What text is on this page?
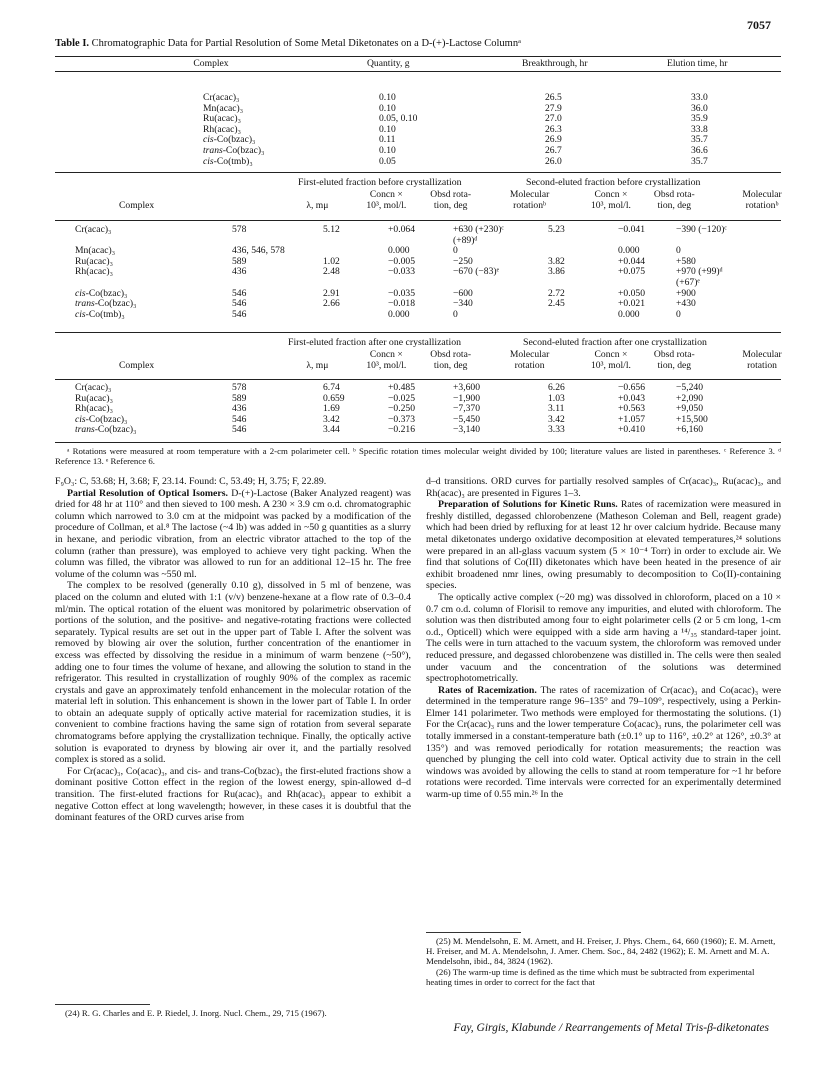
7057
Table I. Chromatographic Data for Partial Resolution of Some Metal Diketonates on a D-(+)-Lactose Columnᵃ
Complex	Quantity, g	Breakthrough, hr	Elution time, hr
Cr(acac)₃	0.10	26.5	33.0
Mn(acac)₃	0.10	27.9	36.0
Ru(acac)₃	0.05, 0.10	27.0	35.9
Rh(acac)₃	0.10	26.3	33.8
cis-Co(bzac)₃	0.11	26.9	35.7
trans-Co(bzac)₃	0.10	26.7	36.6
cis-Co(tmb)₃	0.05	26.0	35.7
First-eluted fraction before crystallization	Second-eluted fraction before crystallization
		Concn ×	Obsd rota-	Molecular	Concn ×	Obsd rota-	Molecular
Complex	λ, mμ	10³, mol/l.	tion, deg	rotationᵇ	10³, mol/l.	tion, deg	rotationᵇ
Cr(acac)₃	578	5.12	+0.064	+630 (+230)ᶜ	5.23	−0.041	−390 (−120)ᶜ
				(+89)ᵈ			
Mn(acac)₃	436, 546, 578		0.000	0		0.000	0
Ru(acac)₃	589	1.02	−0.005	−250	3.82	+0.044	+580
Rh(acac)₃	436	2.48	−0.033	−670 (−83)ᵉ	3.86	+0.075	+970 (+99)ᵈ
							(+67)ᵉ
cis-Co(bzac)₃	546	2.91	−0.035	−600	2.72	+0.050	+900
trans-Co(bzac)₃	546	2.66	−0.018	−340	2.45	+0.021	+430
cis-Co(tmb)₃	546		0.000	0		0.000	0
First-eluted fraction after one crystallization	Second-eluted fraction after one crystallization
		Concn ×	Obsd rota-	Molecular	Concn ×	Obsd rota-	Molecular
Complex	λ, mμ	10³, mol/l.	tion, deg	rotation	10³, mol/l.	tion, deg	rotation
Cr(acac)₃	578	6.74	+0.485	+3,600	6.26	−0.656	−5,240
Ru(acac)₃	589	0.659	−0.025	−1,900	1.03	+0.043	+2,090
Rh(acac)₃	436	1.69	−0.250	−7,370	3.11	+0.563	+9,050
cis-Co(bzac)₃	546	3.42	−0.373	−5,450	3.42	+1.057	+15,500
trans-Co(bzac)₃	546	3.44	−0.216	−3,140	3.33	+0.410	+6,160
ᵃ Rotations were measured at room temperature with a 2-cm polarimeter cell. ᵇ Specific rotation times molecular weight divided by 100; literature values are listed in parentheses. ᶜ Reference 3. ᵈ Reference 13. ᵉ Reference 6.

F₉O₃: C, 53.68; H, 3.68; F, 23.14. Found: C, 53.49; H, 3.75; F, 22.89.

Partial Resolution of Optical Isomers. D-(+)-Lactose (Baker Analyzed reagent) was dried for 48 hr at 110° and then sieved to 100 mesh. A 230 × 3.9 cm o.d. chromatographic column which narrowed to 3.0 cm at the midpoint was packed by a modification of the procedure of Collman, et al.⁸ The lactose (~4 lb) was added in ~50 g quantities as a slurry in hexane, and periodic vibration, from an electric vibrator attached to the top of the column (rather than pressure), was employed to achieve very tight packing. When the column was filled, the vibrator was allowed to run for an additional 12–15 hr. The free volume of the column was ~550 ml.

The complex to be resolved (generally 0.10 g), dissolved in 5 ml of benzene, was placed on the column and eluted with 1:1 (v/v) benzene-hexane at a flow rate of 0.3–0.4 ml/min. The optical rotation of the eluent was monitored by polarimetric observation of portions of the solution, and the positive- and negative-rotating fractions were collected separately. Typical results are set out in the upper part of Table I. After the solvent was removed by blowing air over the solution, further concentration of the enantiomer in excess was effected by dissolving the residue in a minimum of warm benzene (~50°), adding one to four times the volume of hexane, and allowing the solution to stand in the refrigerator. This resulted in crystallization of roughly 90% of the complex as racemic crystals and gave an approximately tenfold enhancement in the molecular rotation of the material left in solution. This enhancement is shown in the lower part of Table I. In order to obtain an adequate supply of optically active material for racemization studies, it is convenient to combine fractions having the same sign of rotation from several separate chromatograms before applying the crystallization technique. Finally, the optically active solution is evaporated to dryness by blowing air over it, and the partially resolved complex is stored as a solid.

For Cr(acac)₃, Co(acac)₃, and cis- and trans-Co(bzac)₃ the first-eluted fractions show a dominant positive Cotton effect in the region of the lowest energy, spin-allowed d–d transition. The first-eluted fractions for Ru(acac)₃ and Rh(acac)₃ appear to exhibit a negative Cotton effect at long wavelength; however, in these cases it is doubtful that the dominant features of the ORD curves arise from

(24) R. G. Charles and E. P. Riedel, J. Inorg. Nucl. Chem., 29, 715 (1967).

d–d transitions. ORD curves for partially resolved samples of Cr(acac)₃, Ru(acac)₃, and Rh(acac)₃ are presented in Figures 1–3.

Preparation of Solutions for Kinetic Runs. Rates of racemization were measured in freshly distilled, degassed chlorobenzene (Matheson Coleman and Bell, reagent grade) which had been dried by refluxing for at least 12 hr over calcium hydride. Because many metal diketonates undergo oxidative decomposition at elevated temperatures,²⁴ solutions were prepared in an all-glass vacuum system (5 × 10⁻⁴ Torr) in order to exclude air. We find that solutions of Co(III) diketonates which have been heated in the presence of air exhibit broadened nmr lines, owing presumably to decomposition to Co(II)-containing species.

The optically active complex (~20 mg) was dissolved in chloroform, placed on a 10 × 0.7 cm o.d. column of Florisil to remove any impurities, and eluted with chloroform. The solution was then distributed among four to eight polarimeter cells (2 or 5 cm long, 1-cm o.d., Opticell) which were equipped with a side arm having a ¹⁴/₃₅ standard-taper joint. The cells were in turn attached to the vacuum system, the chloroform was removed under reduced pressure, and degassed chlorobenzene was distilled in. The cells were then sealed under vacuum and the concentration of the solutions was determined spectrophotometrically.

Rates of Racemization. The rates of racemization of Cr(acac)₃ and Co(acac)₃ were determined in the temperature range 96–135° and 79–109°, respectively, using a Perkin-Elmer 141 polarimeter. Two methods were employed for thermostating the solutions. (1) For the Cr(acac)₃ runs and the lower temperature Co(acac)₃ runs, the polarimeter cell was totally immersed in a constant-temperature bath (±0.1° up to 116°, ±0.2° at 126°, ±0.3° at 135°) and was removed periodically for rotation measurements; the reaction was quenched by plunging the cell into cold water. Optical activity due to strain in the cell windows was avoided by allowing the cells to stand at room temperature for ~1 hr before rotations were recorded. Time intervals were corrected for an experimentally determined warm-up time of 0.55 min.²⁶ In the

(25) M. Mendelsohn, E. M. Arnett, and H. Freiser, J. Phys. Chem., 64, 660 (1960); E. M. Arnett, H. Freiser, and M. A. Mendelsohn, J. Amer. Chem. Soc., 84, 2482 (1962); E. M. Arnett and M. A. Mendelsohn, ibid., 84, 3824 (1962).

(26) The warm-up time is defined as the time which must be subtracted from experimental heating times in order to correct for the fact that

Fay, Girgis, Klabunde / Rearrangements of Metal Tris-β-diketonates
